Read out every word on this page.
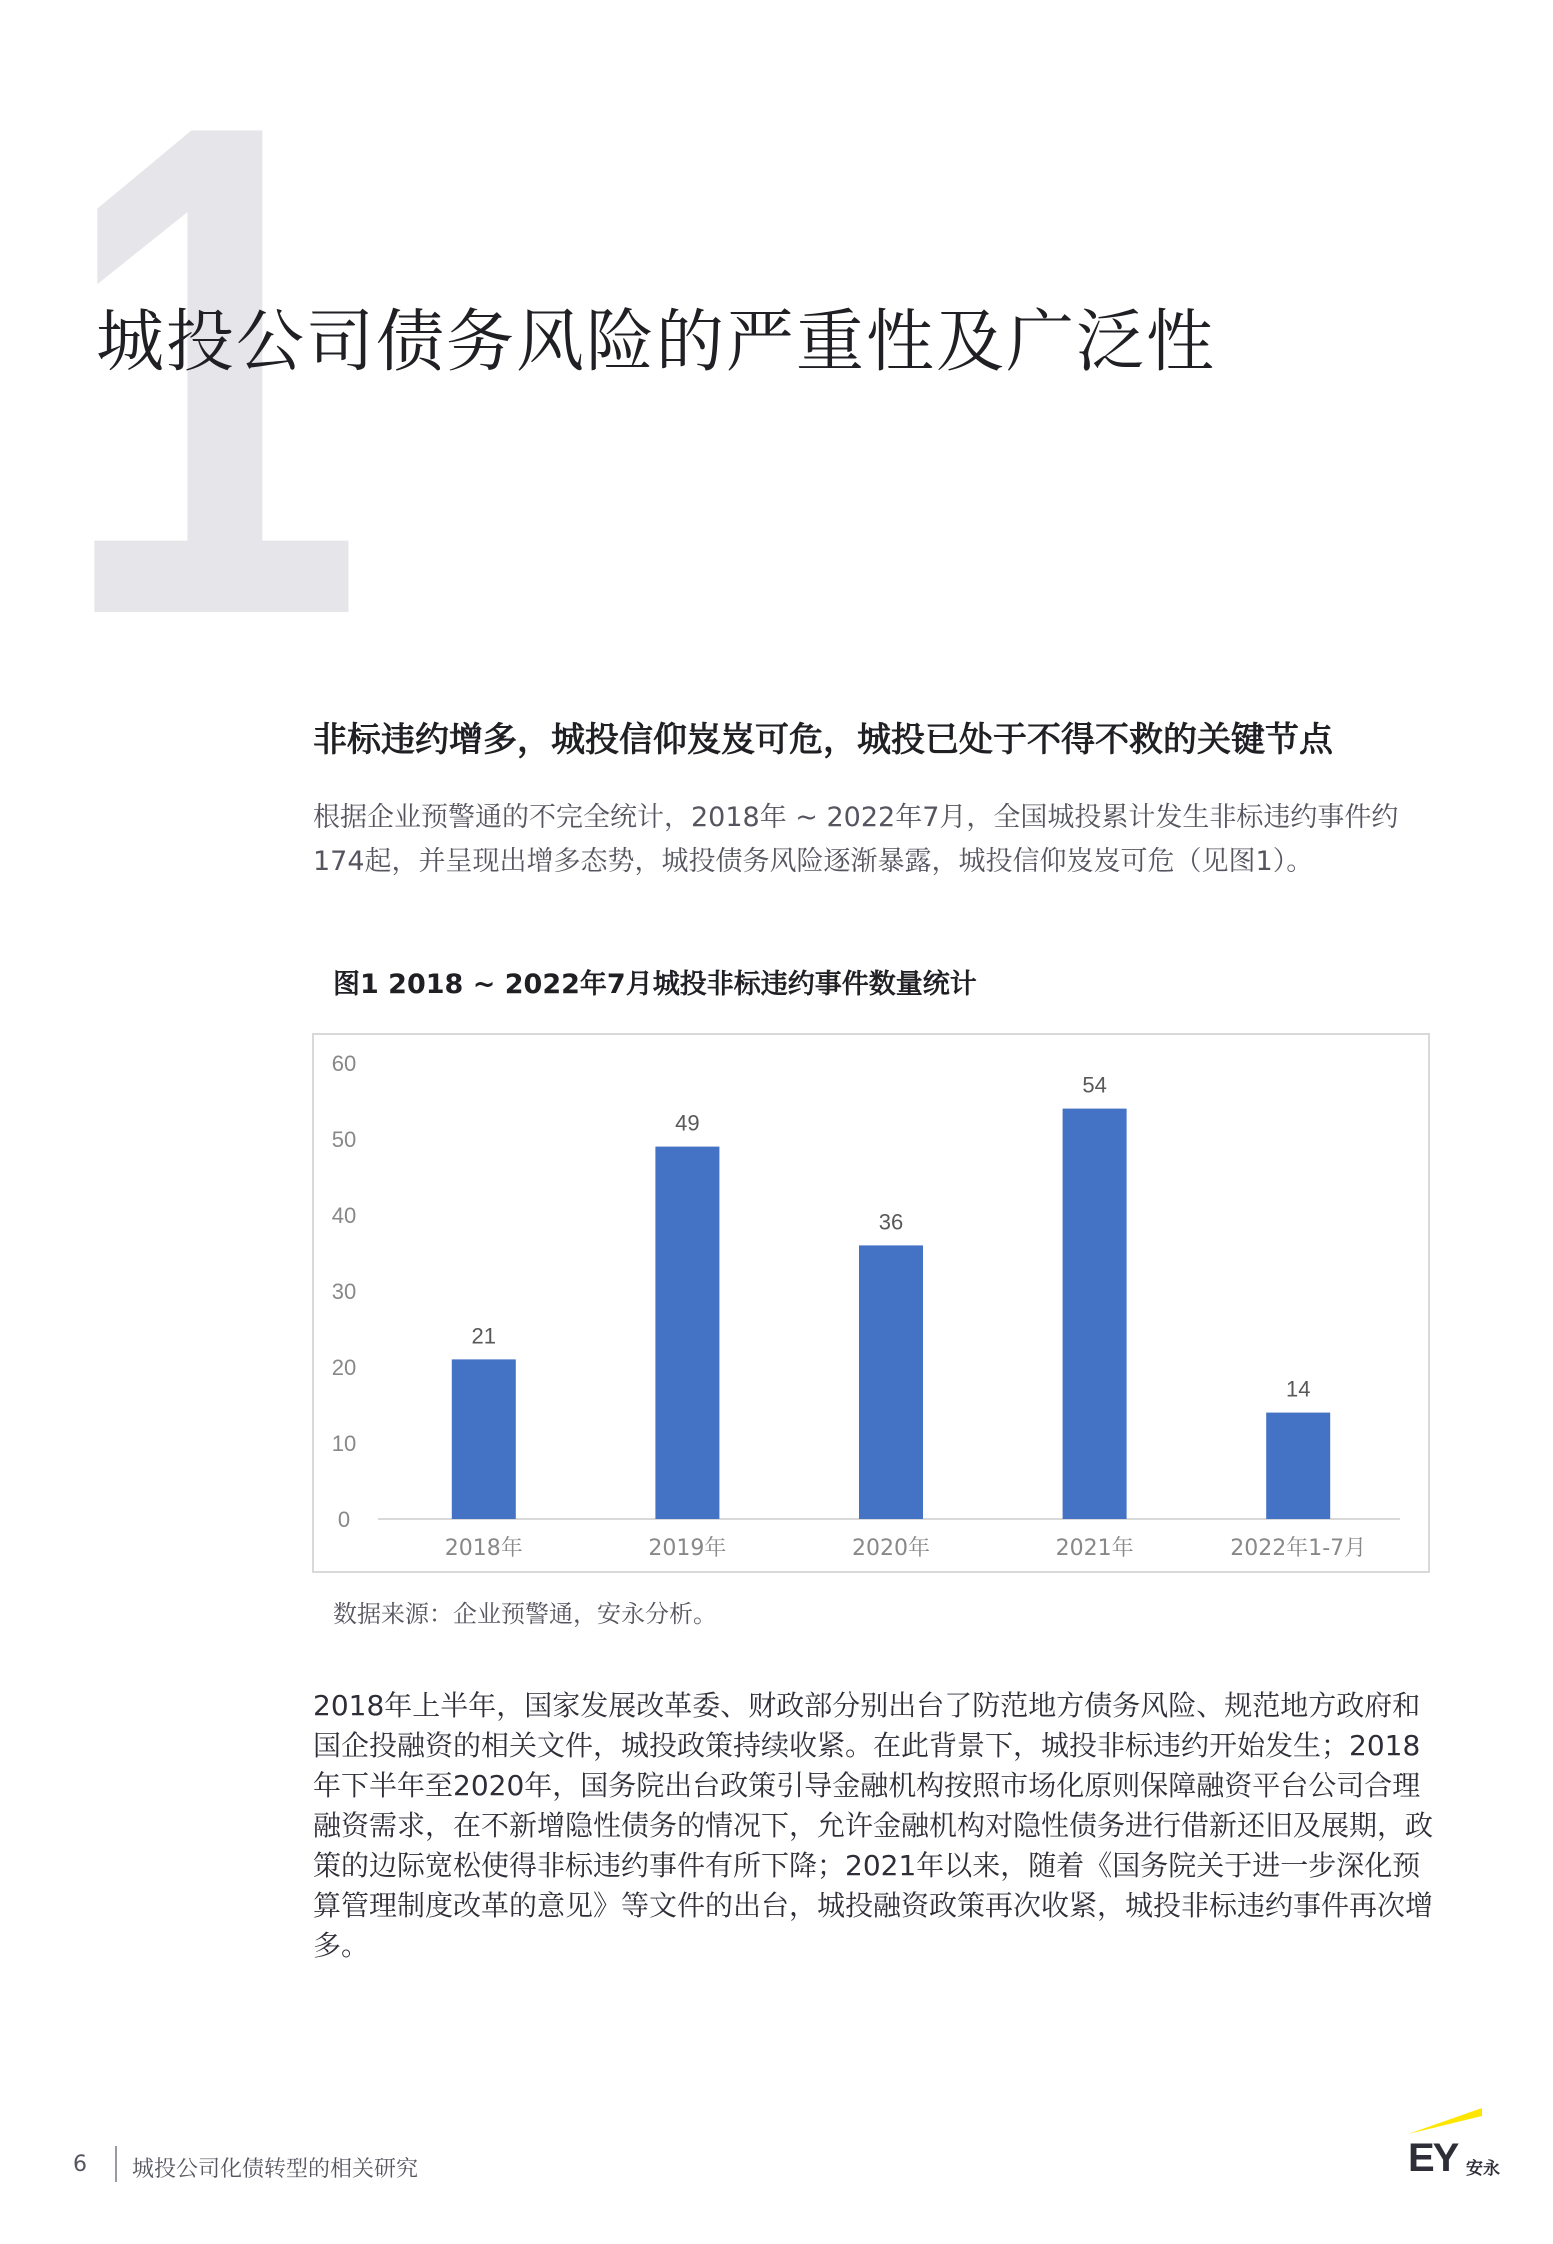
1
城投公司债务风险的严重性及广泛性
非标违约增多，城投信仰岌岌可危，城投已处于不得不救的关键节点

根据企业预警通的不完全统计，2018年 ~ 2022年7月，全国城投累计发生非标违约事件约174起，并呈现出增多态势，城投债务风险逐渐暴露，城投信仰岌岌可危（见图1）。

图1 2018 ~ 2022年7月城投非标违约事件数量统计
0
10
20
30
40
50
60
21
2018年
49
2019年
36
2020年
54
2021年
14
2022年1-7月
数据来源：企业预警通，安永分析。

2018年上半年，国家发展改革委、财政部分别出台了防范地方债务风险、规范地方政府和国企投融资的相关文件，城投政策持续收紧。在此背景下，城投非标违约开始发生；2018年下半年至2020年，国务院出台政策引导金融机构按照市场化原则保障融资平台公司合理融资需求，在不新增隐性债务的情况下，允许金融机构对隐性债务进行借新还旧及展期，政策的边际宽松使得非标违约事件有所下降；2021年以来，随着《国务院关于进一步深化预算管理制度改革的意见》等文件的出台，城投融资政策再次收紧，城投非标违约事件再次增多。

6 城投公司化债转型的相关研究	EY 安永
